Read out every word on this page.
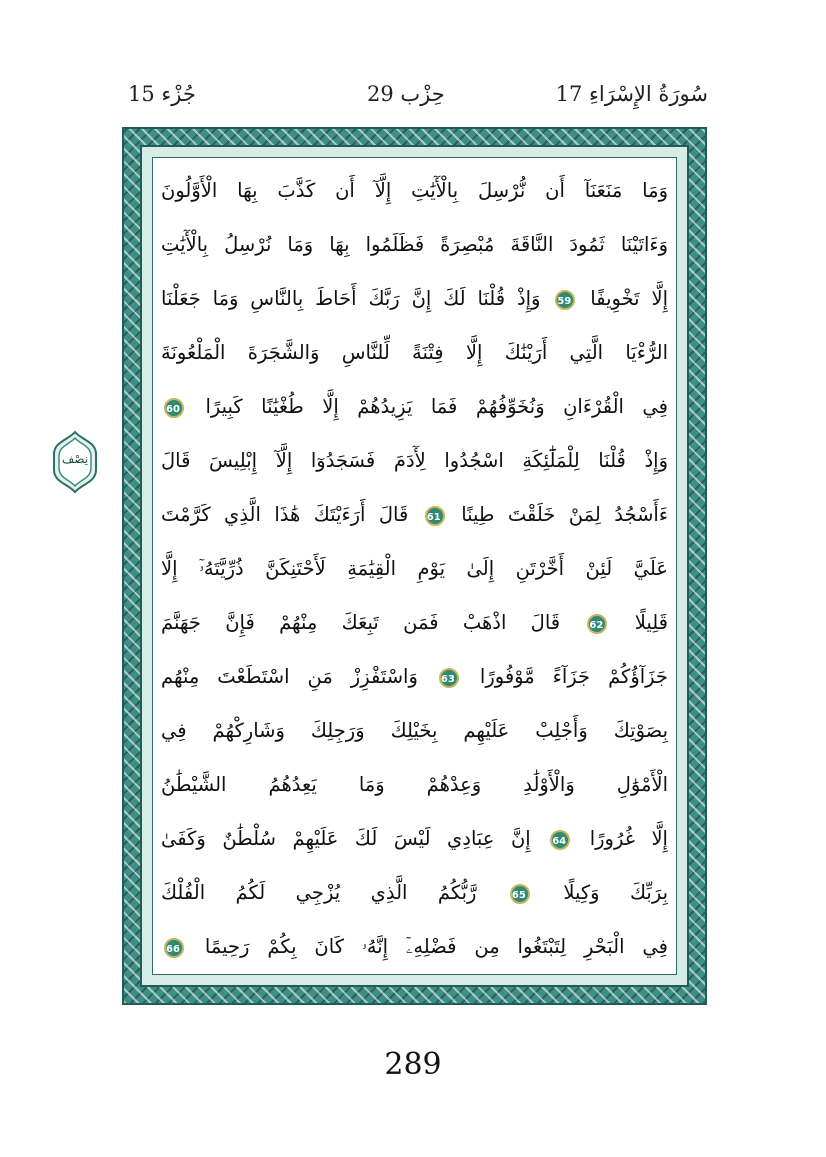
جُزْء 15	حِزْب 29	17 سُورَةُ الإِسْرَاءِ
وَمَا مَنَعَنَآ أَن نُّرْسِلَ بِالْأٓيَٰتِ إِلَّآ أَن كَذَّبَ بِهَا الْأَوَّلُونَ
وَءَاتَيْنَا ثَمُودَ النَّاقَةَ مُبْصِرَةً فَظَلَمُوا بِهَا وَمَا نُرْسِلُ بِالْأٓيَٰتِ
إِلَّا تَخْوِيفًا 59 وَإِذْ قُلْنَا لَكَ إِنَّ رَبَّكَ أَحَاطَ بِالنَّاسِ وَمَا جَعَلْنَا
الرُّءْيَا الَّتِي أَرَيْنَٰكَ إِلَّا فِتْنَةً لِّلنَّاسِ وَالشَّجَرَةَ الْمَلْعُونَةَ
فِي الْقُرْءَانِ وَنُخَوِّفُهُمْ فَمَا يَزِيدُهُمْ إِلَّا طُغْيَٰنًا كَبِيرًا 60
وَإِذْ قُلْنَا لِلْمَلَٰٓئِكَةِ اسْجُدُوا لِأٓدَمَ فَسَجَدُوٓا إِلَّآ إِبْلِيسَ قَالَ
ءَأَسْجُدُ لِمَنْ خَلَقْتَ طِينًا 61 قَالَ أَرَءَيْتَكَ هَٰذَا الَّذِي كَرَّمْتَ
عَلَيَّ لَئِنْ أَخَّرْتَنِ إِلَىٰ يَوْمِ الْقِيَٰمَةِ لَأَحْتَنِكَنَّ ذُرِّيَّتَهُۥٓ إِلَّا
قَلِيلًا 62 قَالَ اذْهَبْ فَمَن تَبِعَكَ مِنْهُمْ فَإِنَّ جَهَنَّمَ
جَزَآؤُكُمْ جَزَآءً مَّوْفُورًا 63 وَاسْتَفْزِزْ مَنِ اسْتَطَعْتَ مِنْهُم
بِصَوْتِكَ وَأَجْلِبْ عَلَيْهِم بِخَيْلِكَ وَرَجِلِكَ وَشَارِكْهُمْ فِي
الْأَمْوَٰلِ وَالْأَوْلَٰدِ وَعِدْهُمْ وَمَا يَعِدُهُمُ الشَّيْطَٰنُ
إِلَّا غُرُورًا 64 إِنَّ عِبَادِي لَيْسَ لَكَ عَلَيْهِمْ سُلْطَٰنٌ وَكَفَىٰ
بِرَبِّكَ وَكِيلًا 65 رَّبُّكُمُ الَّذِي يُزْجِي لَكُمُ الْفُلْكَ
فِي الْبَحْرِ لِتَبْتَغُوا مِن فَضْلِهِۦٓ إِنَّهُۥ كَانَ بِكُمْ رَحِيمًا 66
نِصْف
289
